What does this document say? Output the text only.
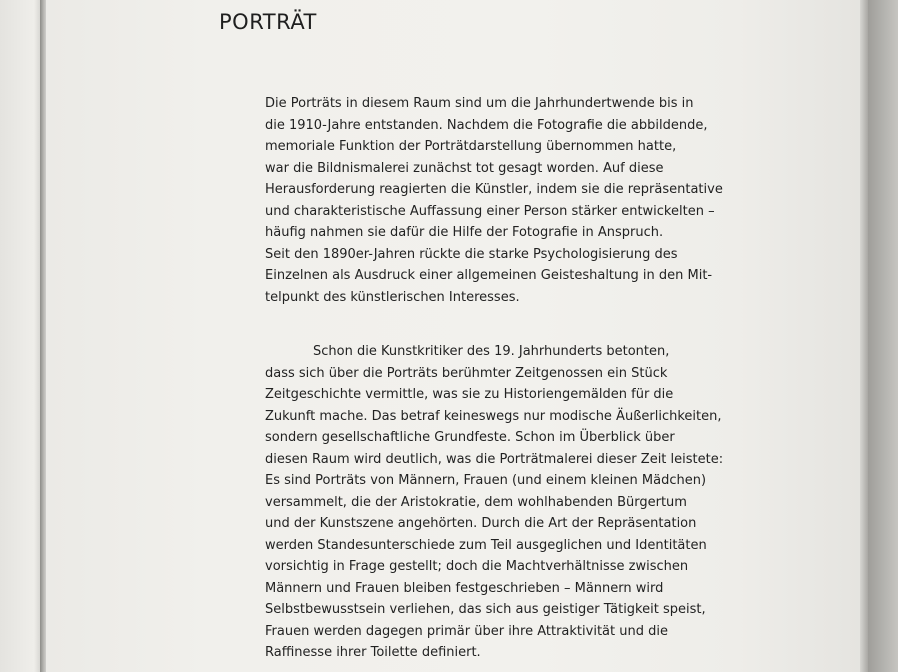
PORTRÄT
Die Porträts in diesem Raum sind um die Jahrhundertwende bis in
die 1910-Jahre entstanden. Nachdem die Fotografie die abbildende,
memoriale Funktion der Porträtdarstellung übernommen hatte,
war die Bildnismalerei zunächst tot gesagt worden. Auf diese
Herausforderung reagierten die Künstler, indem sie die repräsentative
und charakteristische Auffassung einer Person stärker entwickelten –
häufig nahmen sie dafür die Hilfe der Fotografie in Anspruch.
Seit den 1890er-Jahren rückte die starke Psychologisierung des
Einzelnen als Ausdruck einer allgemeinen Geisteshaltung in den Mit-
telpunkt des künstlerischen Interesses.
Schon die Kunstkritiker des 19. Jahrhunderts betonten,
dass sich über die Porträts berühmter Zeitgenossen ein Stück
Zeitgeschichte vermittle, was sie zu Historiengemälden für die
Zukunft mache. Das betraf keineswegs nur modische Äußerlichkeiten,
sondern gesellschaftliche Grundfeste. Schon im Überblick über
diesen Raum wird deutlich, was die Porträtmalerei dieser Zeit leistete:
Es sind Porträts von Männern, Frauen (und einem kleinen Mädchen)
versammelt, die der Aristokratie, dem wohlhabenden Bürgertum
und der Kunstszene angehörten. Durch die Art der Repräsentation
werden Standesunterschiede zum Teil ausgeglichen und Identitäten
vorsichtig in Frage gestellt; doch die Machtverhältnisse zwischen
Männern und Frauen bleiben festgeschrieben – Männern wird
Selbstbewusstsein verliehen, das sich aus geistiger Tätigkeit speist,
Frauen werden dagegen primär über ihre Attraktivität und die
Raffinesse ihrer Toilette definiert.
